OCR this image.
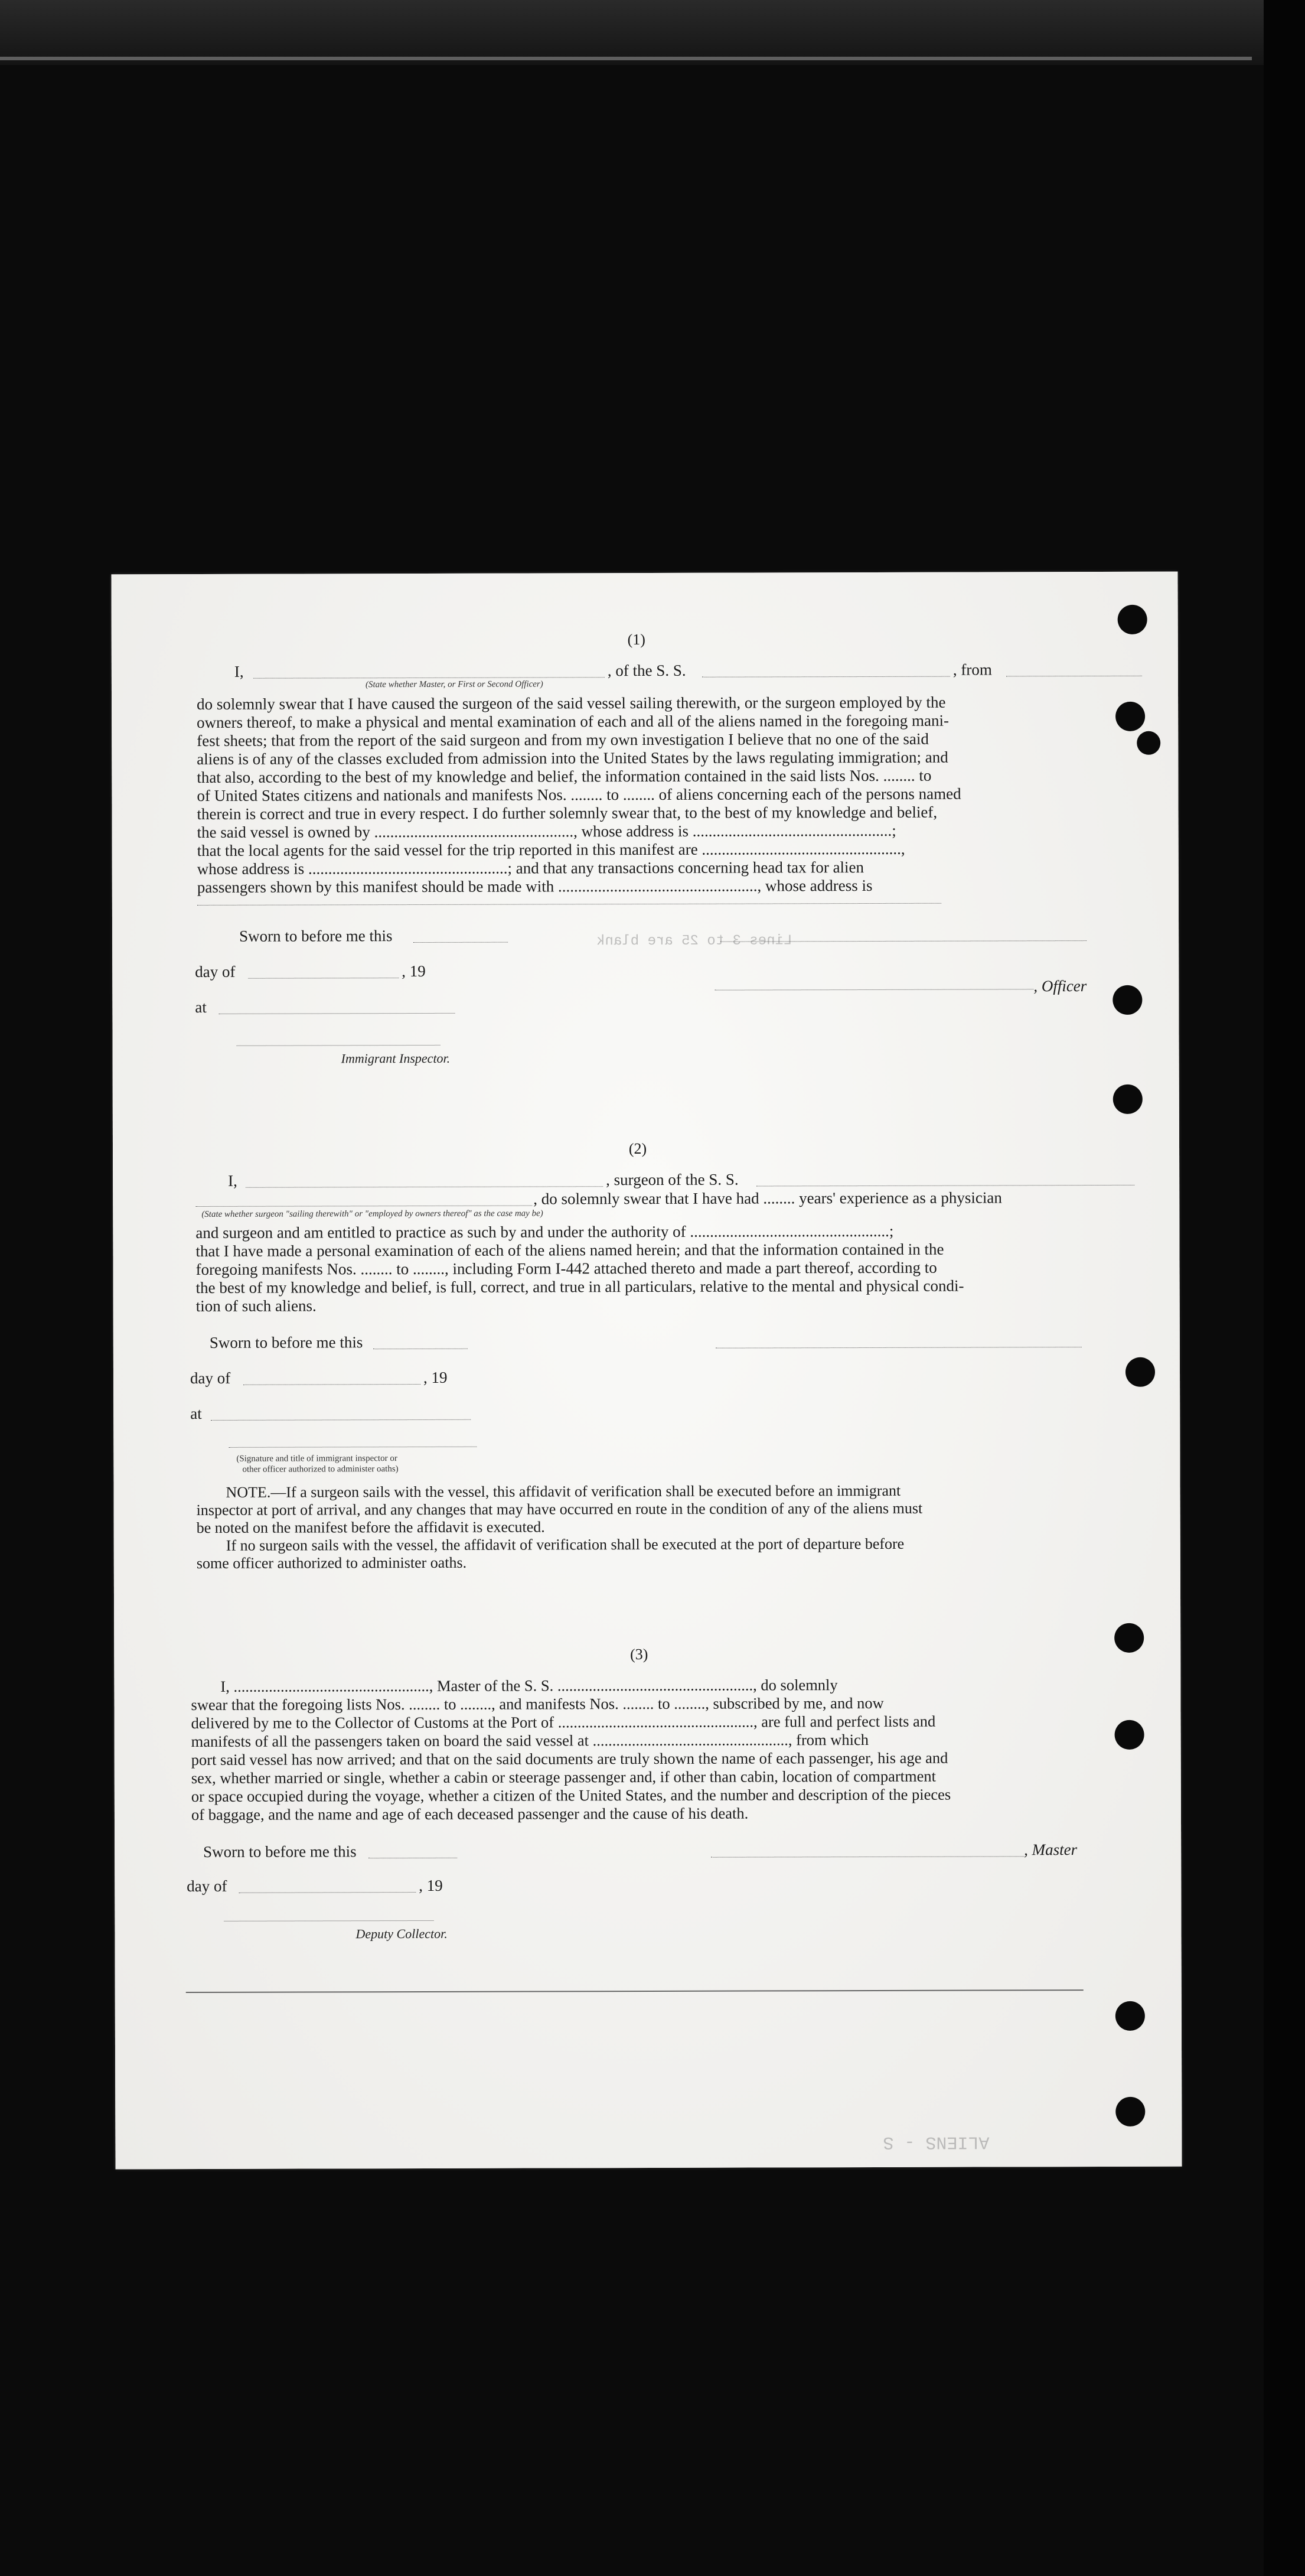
Lines 3 to 25 are blank
ALIENS - S
(1)
I,	, of the S. S.	, from
(State whether Master, or First or Second Officer)
do solemnly swear that I have caused the surgeon of the said vessel sailing therewith, or the surgeon employed by the
owners thereof, to make a physical and mental examination of each and all of the aliens named in the foregoing mani-
fest sheets; that from the report of the said surgeon and from my own investigation I believe that no one of the said
aliens is of any of the classes excluded from admission into the United States by the laws regulating immigration; and
that also, according to the best of my knowledge and belief, the information contained in the said lists Nos. ........ to
of United States citizens and nationals and manifests Nos. ........ to ........ of aliens concerning each of the persons named
therein is correct and true in every respect. I do further solemnly swear that, to the best of my knowledge and belief,
the said vessel is owned by .................................................., whose address is ..................................................;
that the local agents for the said vessel for the trip reported in this manifest are ..................................................,
whose address is ..................................................; and that any transactions concerning head tax for alien
passengers shown by this manifest should be made with .................................................., whose address is
Sworn to before me this
day of	, 19
, Officer
at
Immigrant Inspector.
(2)
I,	, surgeon of the S. S.
, do solemnly swear that I have had ........ years' experience as a physician
(State whether surgeon "sailing therewith" or "employed by owners thereof" as the case may be)
and surgeon and am entitled to practice as such by and under the authority of ..................................................;
that I have made a personal examination of each of the aliens named herein; and that the information contained in the
foregoing manifests Nos. ........ to ........, including Form I-442 attached thereto and made a part thereof, according to
the best of my knowledge and belief, is full, correct, and true in all particulars, relative to the mental and physical condi-
tion of such aliens.
Sworn to before me this
day of	, 19
at
(Signature and title of immigrant inspector or
other officer authorized to administer oaths)
NOTE.—If a surgeon sails with the vessel, this affidavit of verification shall be executed before an immigrant
inspector at port of arrival, and any changes that may have occurred en route in the condition of any of the aliens must
be noted on the manifest before the affidavit is executed.
If no surgeon sails with the vessel, the affidavit of verification shall be executed at the port of departure before
some officer authorized to administer oaths.
(3)
I, .................................................., Master of the S. S. .................................................., do solemnly
swear that the foregoing lists Nos. ........ to ........, and manifests Nos. ........ to ........, subscribed by me, and now
delivered by me to the Collector of Customs at the Port of .................................................., are full and perfect lists and
manifests of all the passengers taken on board the said vessel at .................................................., from which
port said vessel has now arrived; and that on the said documents are truly shown the name of each passenger, his age and
sex, whether married or single, whether a cabin or steerage passenger and, if other than cabin, location of compartment
or space occupied during the voyage, whether a citizen of the United States, and the number and description of the pieces
of baggage, and the name and age of each deceased passenger and the cause of his death.
Sworn to before me this	, Master
day of	, 19
Deputy Collector.
